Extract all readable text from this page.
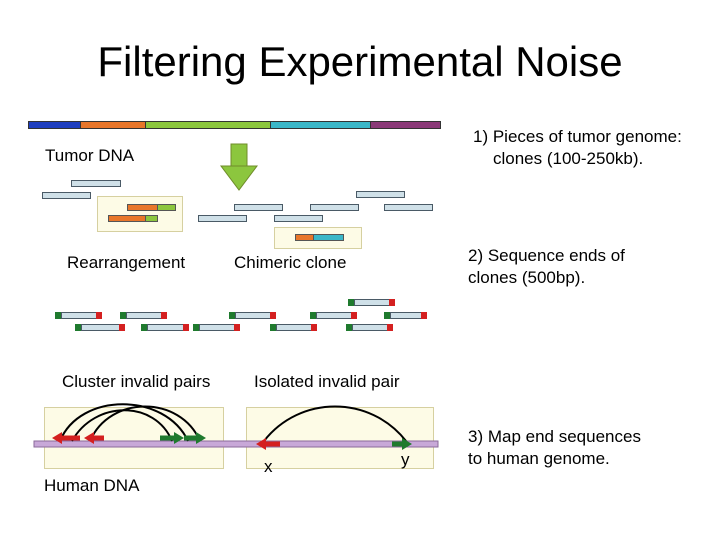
Filtering Experimental Noise
Tumor DNA
Rearrangement	Chimeric clone
1) Pieces of tumor genome:
clones (100-250kb).
2) Sequence ends of
clones (500bp).
3) Map end sequences
to human genome.
Cluster invalid pairs	Isolated invalid pair
x	y
Human DNA
